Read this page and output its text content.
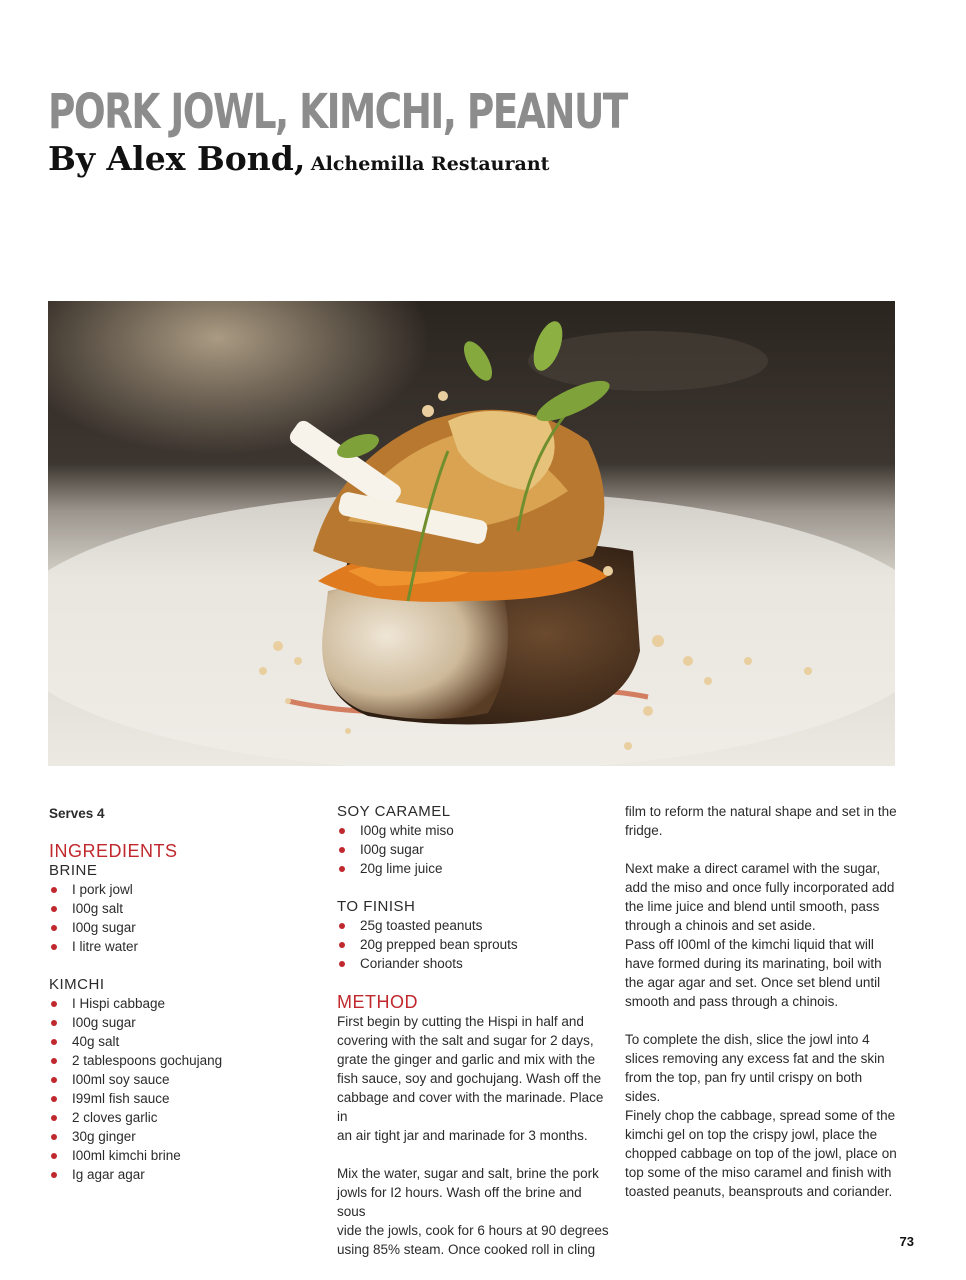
PORK JOWL, KIMCHI, PEANUT
By Alex Bond, Alchemilla Restaurant
Serves 4
INGREDIENTS
BRINE
I pork jowl
I00g salt
I00g sugar
I litre water
KIMCHI
I Hispi cabbage
I00g sugar
40g salt
2 tablespoons gochujang
I00ml soy sauce
I99ml fish sauce
2 cloves garlic
30g ginger
I00ml kimchi brine
Ig agar agar
SOY CARAMEL
I00g white miso
I00g sugar
20g lime juice
TO FINISH
25g toasted peanuts
20g prepped bean sprouts
Coriander shoots
METHOD
First begin by cutting the Hispi in half and
covering with the salt and sugar for 2 days,
grate the ginger and garlic and mix with the
fish sauce, soy and gochujang. Wash off the
cabbage and cover with the marinade. Place in
an air tight jar and marinade for 3 months.
Mix the water, sugar and salt, brine the pork
jowls for I2 hours. Wash off the brine and sous
vide the jowls, cook for 6 hours at 90 degrees
using 85% steam. Once cooked roll in cling
film to reform the natural shape and set in the
fridge.
Next make a direct caramel with the sugar,
add the miso and once fully incorporated add
the lime juice and blend until smooth, pass
through a chinois and set aside.
Pass off I00ml of the kimchi liquid that will
have formed during its marinating, boil with
the agar agar and set. Once set blend until
smooth and pass through a chinois.
To complete the dish, slice the jowl into 4
slices removing any excess fat and the skin
from the top, pan fry until crispy on both sides.
Finely chop the cabbage, spread some of the
kimchi gel on top the crispy jowl, place the
chopped cabbage on top of the jowl, place on
top some of the miso caramel and finish with
toasted peanuts, beansprouts and coriander.
73
